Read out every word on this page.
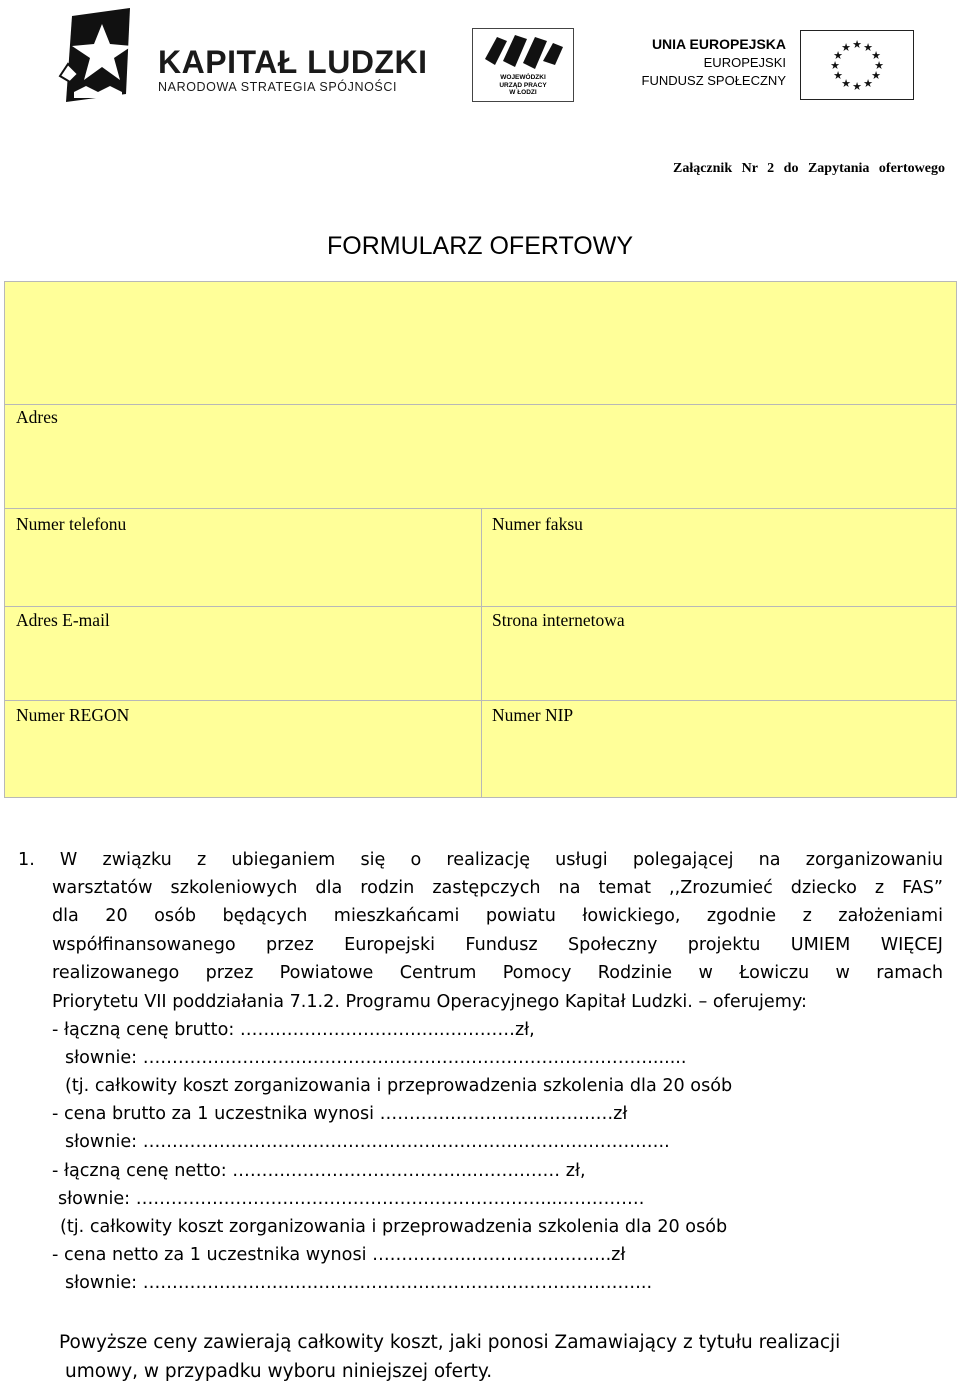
KAPITAŁ LUDZKI
NARODOWA STRATEGIA SPÓJNOŚCI
WOJEWÓDZKI
URZĄD PRACY
W ŁODZI
UNIA EUROPEJSKA
EUROPEJSKI
FUNDUSZ SPOŁECZNY
★ ★
★
★
★
★
★
★
★
★
★
★
Załącznik Nr 2 do Zapytania ofertowego
FORMULARZ OFERTOWY
Adres
Numer telefonu	Numer faksu
Adres E-mail	Strona internetowa
Numer REGON	Numer NIP
1. W związku z ubieganiem się o realizację usługi polegającej na zorganizowaniu
warsztatów szkoleniowych dla rodzin zastępczych na temat ,,Zrozumieć dziecko z FAS”
dla 20 osób będących mieszkańcami powiatu łowickiego, zgodnie z założeniami
współfinansowanego przez Europejski Fundusz Społeczny projektu UMIEM WIĘCEJ
realizowanego przez Powiatowe Centrum Pomocy Rodzinie w Łowiczu w ramach
Priorytetu VII poddziałania 7.1.2. Programu Operacyjnego Kapitał Ludzki. – oferujemy:
- łączną cenę brutto: ……………………………..…………zł,
słownie: ……………………………………………………………………………......
(tj. całkowity koszt zorganizowania i przeprowadzenia szkolenia dla 20 osób
- cena brutto za 1 uczestnika wynosi ………………………...…….…zł
słownie: ………………………………………………………………….…………..
- łączną cenę netto: …………………………………..…………… zł,
słownie: …………………………………………………………….....………….
(tj. całkowity koszt zorganizowania i przeprowadzenia szkolenia dla 20 osób
- cena netto za 1 uczestnika wynosi ……………...…………………..zł
słownie: …………………….……………………………………………………..
Powyższe ceny zawierają całkowity koszt, jaki ponosi Zamawiający z tytułu realizacji
umowy, w przypadku wyboru niniejszej oferty.
